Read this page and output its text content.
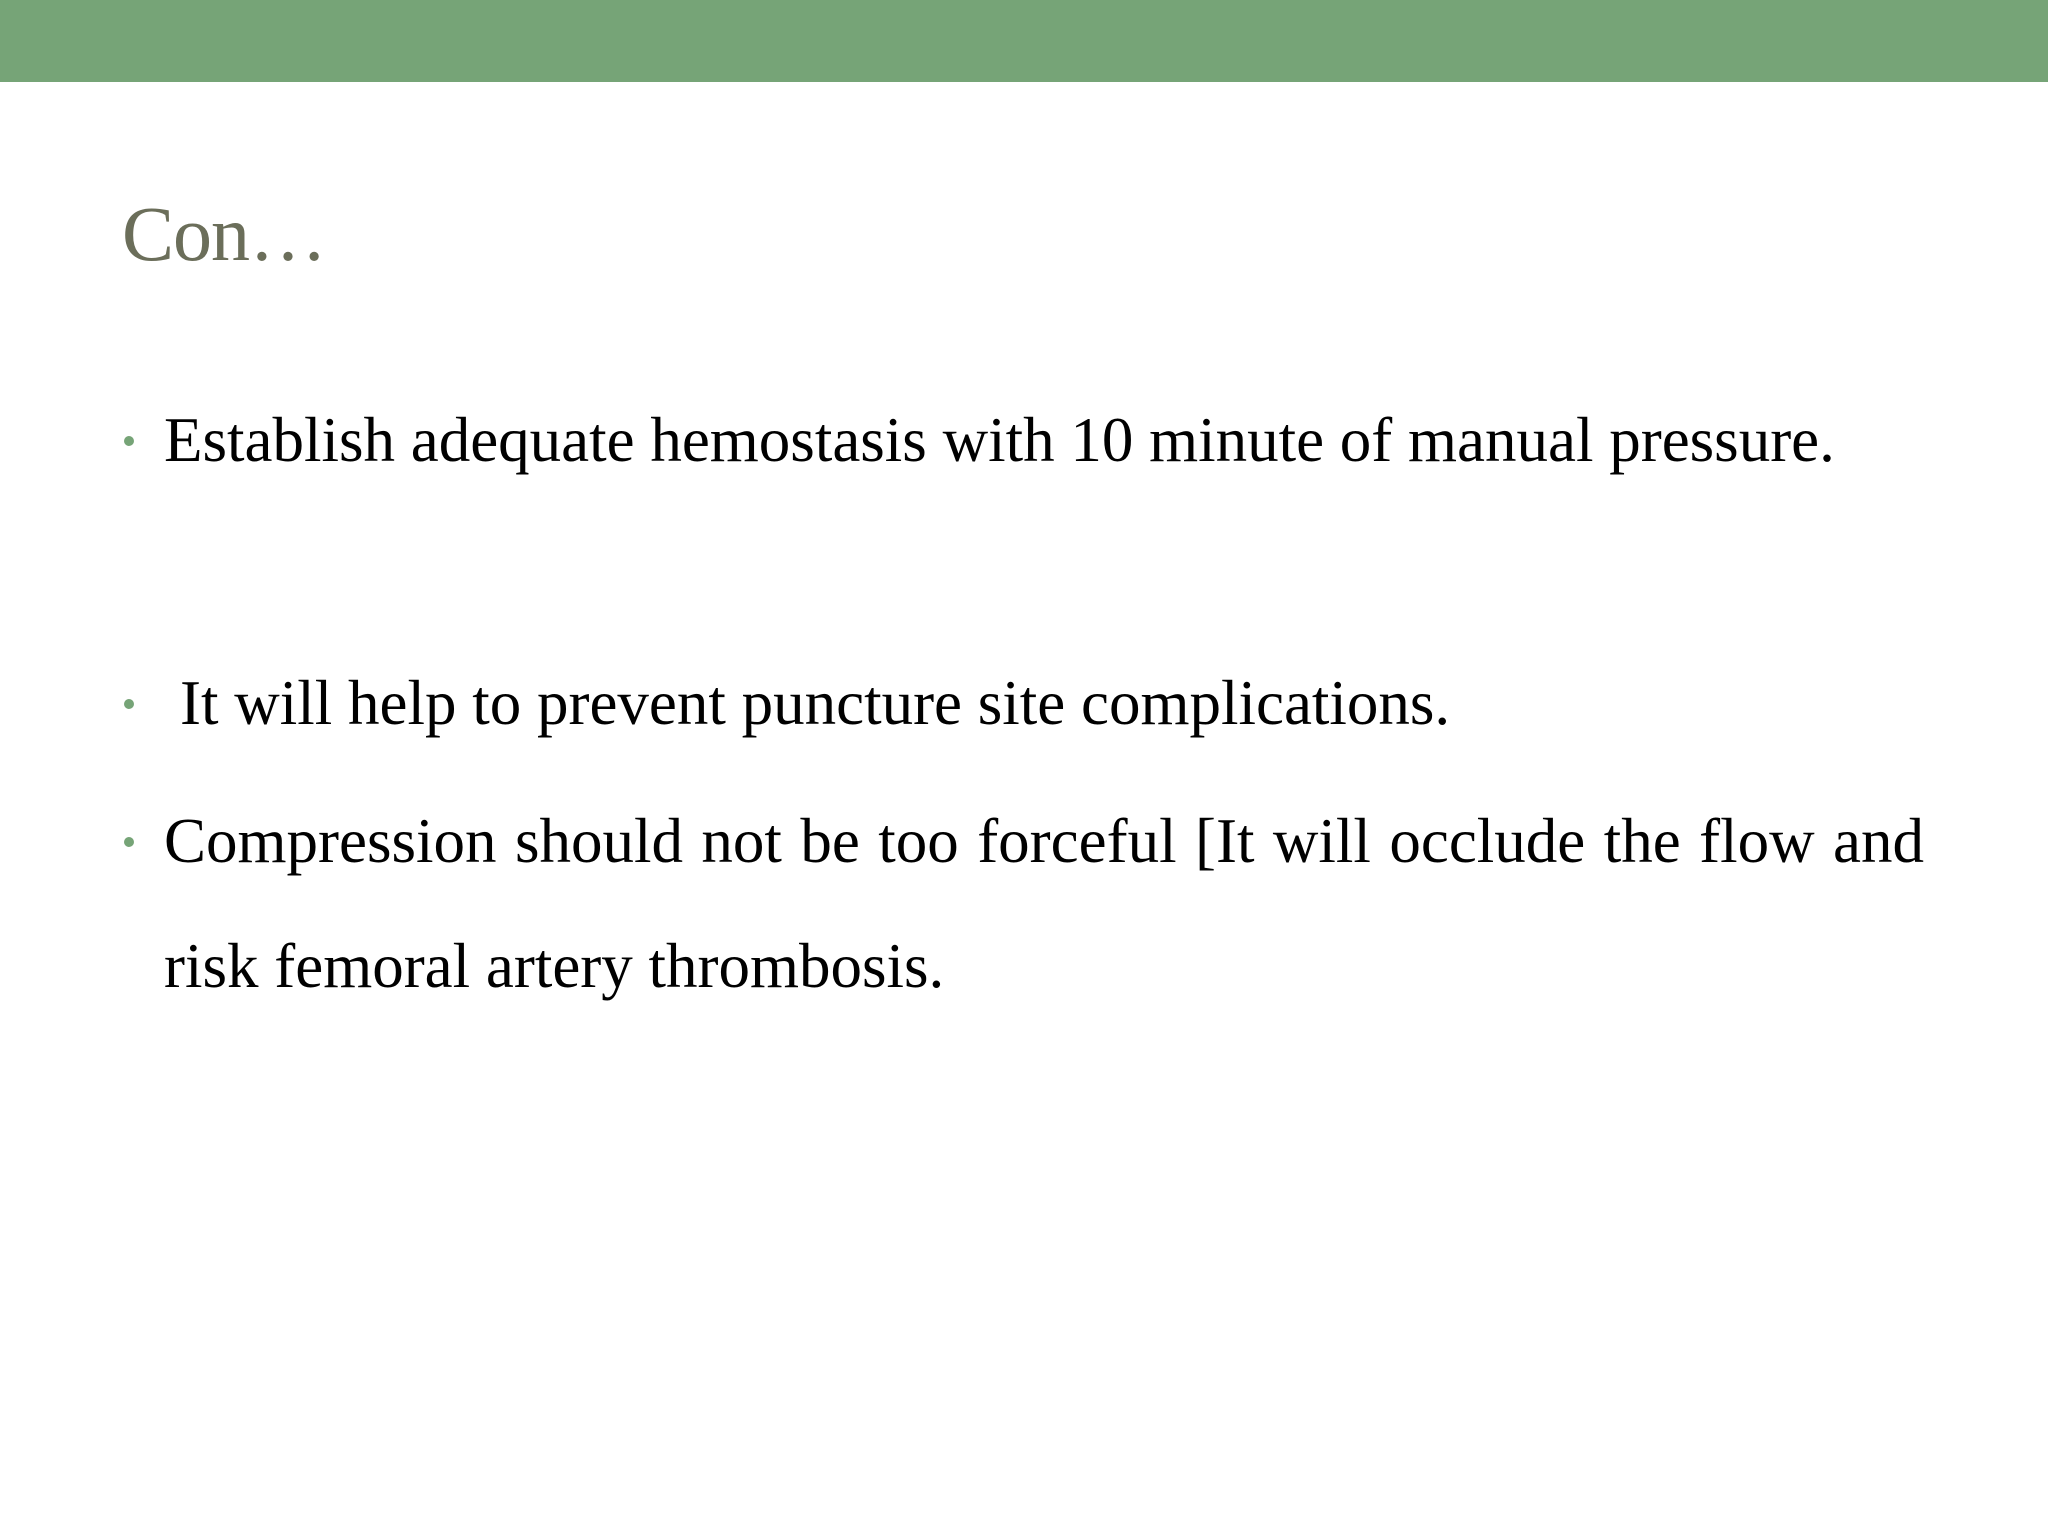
Con…

Establish adequate hemostasis with 10 minute of manual pressure.

It will help to prevent puncture site complications.

Compression should not be too forceful [It will occlude the flow and risk femoral artery thrombosis.
